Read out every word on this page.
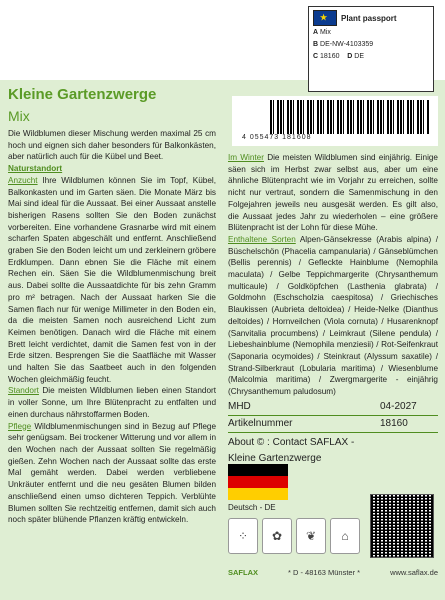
Kleine Gartenzwerge
Mix
★
Plant passport
A Mix
B DE-NW-4103359
C 18160 D DE
4 055473 181608

Die Wildblumen dieser Mischung werden maximal 25 cm hoch und eignen sich daher besonders für Balkonkästen, aber natürlich auch für die Kübel und Beet.

Naturstandort

Anzucht Ihre Wildblumen können Sie im Topf, Kübel, Balkonkasten und im Garten säen. Die Monate März bis Mai sind ideal für die Aussaat. Bei einer Aussaat anstelle bisherigen Rasens sollten Sie den Boden zunächst vorbereiten. Eine vorhandene Grasnarbe wird mit einem scharfen Spaten abgeschält und entfernt. Anschließend graben Sie den Boden leicht um und zerkleinern gröbere Erdklumpen. Dann ebnen Sie die Fläche mit einem Rechen ein. Säen Sie die Wildblumenmischung breit aus. Dabei sollte die Aussaatdichte für bis zehn Gramm pro m² betragen. Nach der Aussaat harken Sie die Samen flach nur für wenige Millimeter in den Boden ein, da die meisten Samen noch ausreichend Licht zum Keimen benötigen. Danach wird die Fläche mit einem Brett leicht verdichtet, damit die Samen fest von in der Erde sitzen. Besprengen Sie die Saatfläche mit Wasser und halten Sie das Saatbeet auch in den folgenden Wochen gleichmäßig feucht.

Standort Die meisten Wildblumen lieben einen Standort in voller Sonne, um Ihre Blütenpracht zu entfalten und einen durchaus nährstoffarmen Boden.

Pflege Wildblumenmischungen sind in Bezug auf Pflege sehr genügsam. Bei trockener Witterung und vor allem in den Wochen nach der Aussaat sollten Sie regelmäßig gießen. Zehn Wochen nach der Aussaat sollte das erste Mal gemäht werden. Dabei werden verbliebene Unkräuter entfernt und die neu gesäten Blumen bilden anschließend einen umso dichteren Teppich. Verblühte Blumen sollten Sie rechtzeitig entfernen, damit sich auch noch später blühende Pflanzen kräftig entwickeln.

Im Winter Die meisten Wildblumen sind einjährig. Einige säen sich im Herbst zwar selbst aus, aber um eine ähnliche Blütenpracht wie im Vorjahr zu erreichen, sollte nicht nur vertraut, sondern die Samenmischung in den Folgejahren jeweils neu ausgesät werden. Es gilt also, die Aussaat jedes Jahr zu wiederholen – eine größere Blütenpracht ist der Lohn für diese Mühe.

Enthaltene Sorten Alpen-Gänsekresse (Arabis alpina) / Büschelschön (Phacelia campanularia) / Gänseblümchen (Bellis perennis) / Gefleckte Hainblume (Nemophila maculata) / Gelbe Teppichmargerite (Chrysanthemum multicaule) / Goldköpfchen (Lasthenia glabrata) / Goldmohn (Eschscholzia caespitosa) / Griechisches Blaukissen (Aubrieta deltoidea) / Heide-Nelke (Dianthus deltoides) / Hornveilchen (Viola cornuta) / Husarenknopf (Sanvitalia procumbens) / Leimkraut (Silene pendula) / Liebeshainblume (Nemophila menziesii) / Rot-Seifenkraut (Saponaria ocymoides) / Steinkraut (Alyssum saxatile) / Strand-Silberkraut (Lobularia maritima) / Wiesenblume (Malcolmia maritima) / Zwergmargerite - einjährig (Chrysanthemum paludosum)

MHD	04-2027
Artikelnummer	18160
About © : Contact SAFLAX -
Kleine Gartenzwerge
Deutsch - DE
⁘	✿	❦	⌂
SAFLAX	* D - 48163 Münster *	www.saflax.de
